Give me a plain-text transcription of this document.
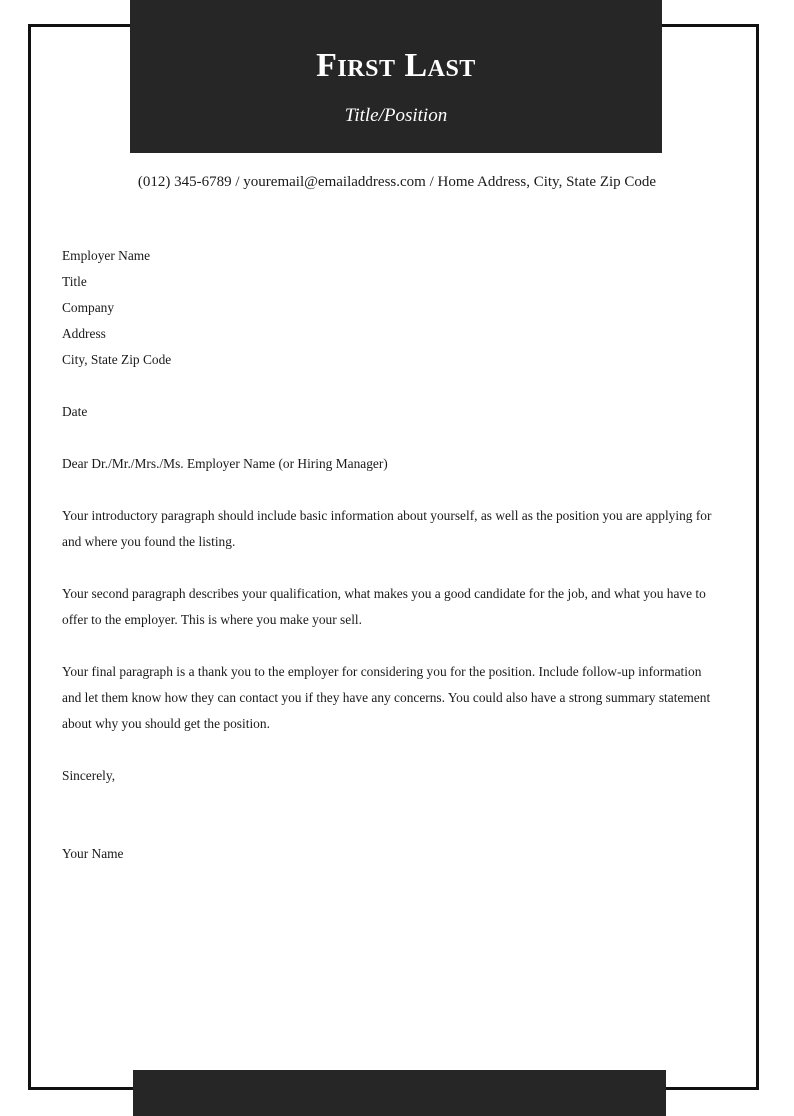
First Last
Title/Position
(012) 345-6789 / youremail@emailaddress.com / Home Address, City, State Zip Code

Employer Name

Title

Company

Address

City, State Zip Code

Date

Dear Dr./Mr./Mrs./Ms. Employer Name (or Hiring Manager)

Your introductory paragraph should include basic information about yourself, as well as the position you are applying for and where you found the listing.

Your second paragraph describes your qualification, what makes you a good candidate for the job, and what you have to offer to the employer. This is where you make your sell.

Your final paragraph is a thank you to the employer for considering you for the position. Include follow-up information and let them know how they can contact you if they have any concerns. You could also have a strong summary statement about why you should get the position.

Sincerely,

Your Name
